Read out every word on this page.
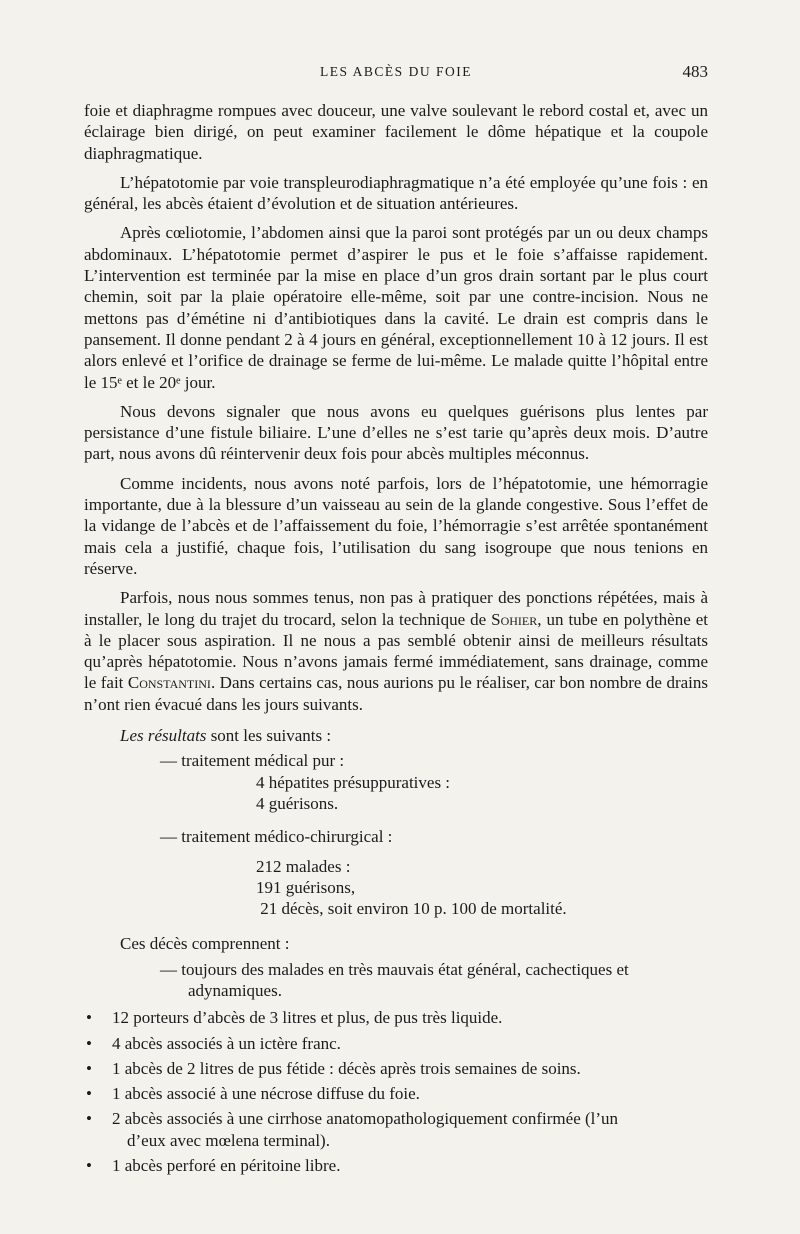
LES ABCÈS DU FOIE	483

foie et diaphragme rompues avec douceur, une valve soulevant le rebord costal et, avec un éclairage bien dirigé, on peut examiner facilement le dôme hépatique et la coupole diaphragmatique.

L’hépatotomie par voie transpleurodiaphragmatique n’a été employée qu’une fois : en général, les abcès étaient d’évolution et de situation antérieures.

Après cœliotomie, l’abdomen ainsi que la paroi sont protégés par un ou deux champs abdominaux. L’hépatotomie permet d’aspirer le pus et le foie s’affaisse rapidement. L’intervention est terminée par la mise en place d’un gros drain sortant par le plus court chemin, soit par la plaie opératoire elle-même, soit par une contre-incision. Nous ne mettons pas d’émétine ni d’antibiotiques dans la cavité. Le drain est compris dans le pansement. Il donne pendant 2 à 4 jours en général, exceptionnellement 10 à 12 jours. Il est alors enlevé et l’orifice de drainage se ferme de lui-même. Le malade quitte l’hôpital entre le 15ᵉ et le 20ᵉ jour.

Nous devons signaler que nous avons eu quelques guérisons plus lentes par persistance d’une fistule biliaire. L’une d’elles ne s’est tarie qu’après deux mois. D’autre part, nous avons dû réintervenir deux fois pour abcès multiples méconnus.

Comme incidents, nous avons noté parfois, lors de l’hépatotomie, une hémorragie importante, due à la blessure d’un vaisseau au sein de la glande congestive. Sous l’effet de la vidange de l’abcès et de l’affaissement du foie, l’hémorragie s’est arrêtée spontanément mais cela a justifié, chaque fois, l’utilisation du sang isogroupe que nous tenions en réserve.

Parfois, nous nous sommes tenus, non pas à pratiquer des ponctions répétées, mais à installer, le long du trajet du trocard, selon la technique de Sohier, un tube en polythène et à le placer sous aspiration. Il ne nous a pas semblé obtenir ainsi de meilleurs résultats qu’après hépatotomie. Nous n’avons jamais fermé immédiatement, sans drainage, comme le fait Constantini. Dans certains cas, nous aurions pu le réaliser, car bon nombre de drains n’ont rien évacué dans les jours suivants.

Les résultats sont les suivants :
— traitement médical pur :
4 hépatites présuppuratives :
4 guérisons.
— traitement médico-chirurgical :
212 malades :
191 guérisons,
21 décès, soit environ 10 p. 100 de mortalité.
Ces décès comprennent :
— toujours des malades en très mauvais état général, cachectiques et
adynamiques.
• 12 porteurs d’abcès de 3 litres et plus, de pus très liquide.
• 4 abcès associés à un ictère franc.
• 1 abcès de 2 litres de pus fétide : décès après trois semaines de soins.
• 1 abcès associé à une nécrose diffuse du foie.
• 2 abcès associés à une cirrhose anatomopathologiquement confirmée (l’un
d’eux avec mœlena terminal).
• 1 abcès perforé en péritoine libre.
